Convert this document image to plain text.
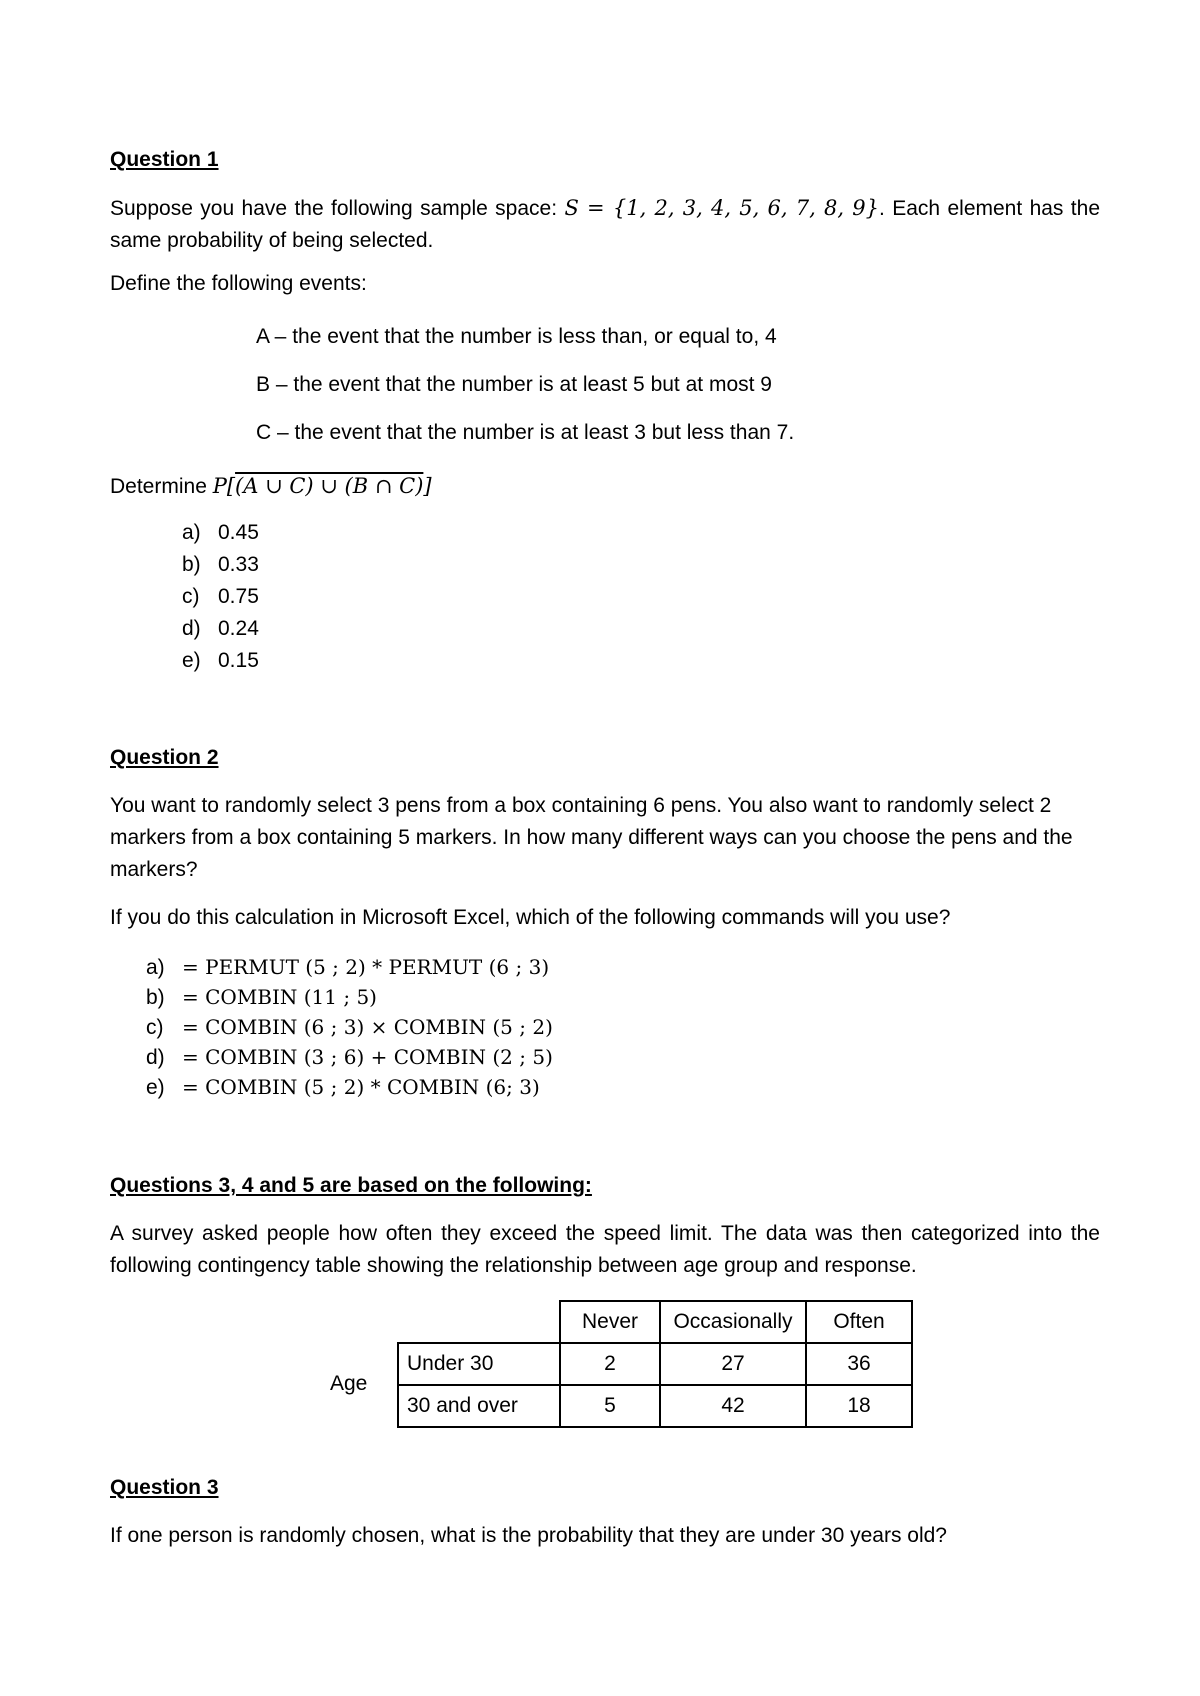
Question 1
Suppose you have the following sample space: S = {1, 2, 3, 4, 5, 6, 7, 8, 9}. Each element has the same probability of being selected.
Define the following events:
A – the event that the number is less than, or equal to, 4
B – the event that the number is at least 5 but at most 9
C – the event that the number is at least 3 but less than 7.
Determine P[(A ∪ C) ∪ (B ∩ C)]
a) 0.45
b) 0.33
c) 0.75
d) 0.24
e) 0.15
Question 2
You want to randomly select 3 pens from a box containing 6 pens. You also want to randomly select 2 markers from a box containing 5 markers. In how many different ways can you choose the pens and the markers?
If you do this calculation in Microsoft Excel, which of the following commands will you use?
a) = PERMUT (5 ; 2) * PERMUT (6 ; 3)
b) = COMBIN (11 ; 5)
c) = COMBIN (6 ; 3) × COMBIN (5 ; 2)
d) = COMBIN (3 ; 6) + COMBIN (2 ; 5)
e) = COMBIN (5 ; 2) * COMBIN (6; 3)
Questions 3, 4 and 5 are based on the following:
A survey asked people how often they exceed the speed limit. The data was then categorized into the following contingency table showing the relationship between age group and response.
Age
	Never	Occasionally	Often
Under 30	2	27	36
30 and over	5	42	18
Question 3
If one person is randomly chosen, what is the probability that they are under 30 years old?
